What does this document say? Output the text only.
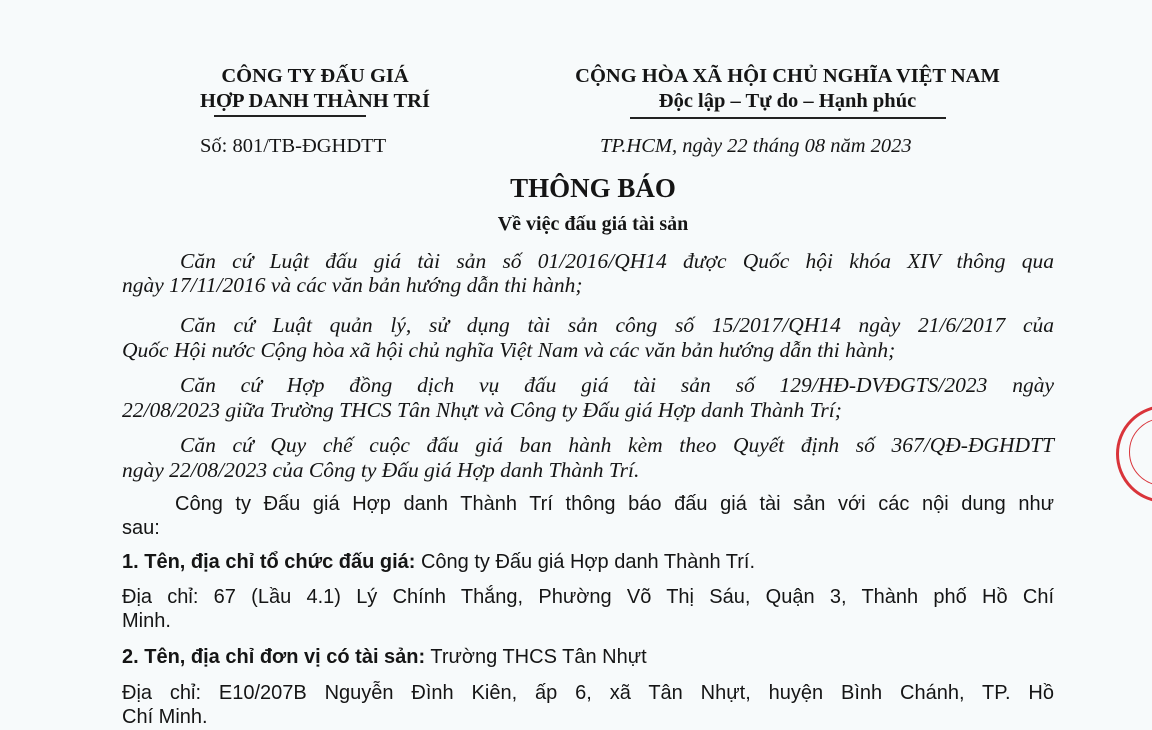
CÔNG TY ĐẤU GIÁ
HỢP DANH THÀNH TRÍ
CỘNG HÒA XÃ HỘI CHỦ NGHĨA VIỆT NAM
Độc lập – Tự do – Hạnh phúc
Số: 801/TB-ĐGHDTT	TP.HCM, ngày 22 tháng 08 năm 2023
THÔNG BÁO
Về việc đấu giá tài sản
Căn cứ Luật đấu giá tài sản số 01/2016/QH14 được Quốc hội khóa XIV thông qua
ngày 17/11/2016 và các văn bản hướng dẫn thi hành;
Căn cứ Luật quản lý, sử dụng tài sản công số 15/2017/QH14 ngày 21/6/2017 của
Quốc Hội nước Cộng hòa xã hội chủ nghĩa Việt Nam và các văn bản hướng dẫn thi hành;
Căn cứ Hợp đồng dịch vụ đấu giá tài sản số 129/HĐ-DVĐGTS/2023 ngày
22/08/2023 giữa Trường THCS Tân Nhựt và Công ty Đấu giá Hợp danh Thành Trí;
Căn cứ Quy chế cuộc đấu giá ban hành kèm theo Quyết định số 367/QĐ-ĐGHDTT
ngày 22/08/2023 của Công ty Đấu giá Hợp danh Thành Trí.
Công ty Đấu giá Hợp danh Thành Trí thông báo đấu giá tài sản với các nội dung như
sau:
1. Tên, địa chỉ tổ chức đấu giá: Công ty Đấu giá Hợp danh Thành Trí.
Địa chỉ: 67 (Lầu 4.1) Lý Chính Thắng, Phường Võ Thị Sáu, Quận 3, Thành phố Hồ Chí
Minh.
2. Tên, địa chỉ đơn vị có tài sản: Trường THCS Tân Nhựt
Địa chỉ: E10/207B Nguyễn Đình Kiên, ấp 6, xã Tân Nhựt, huyện Bình Chánh, TP. Hồ
Chí Minh.
